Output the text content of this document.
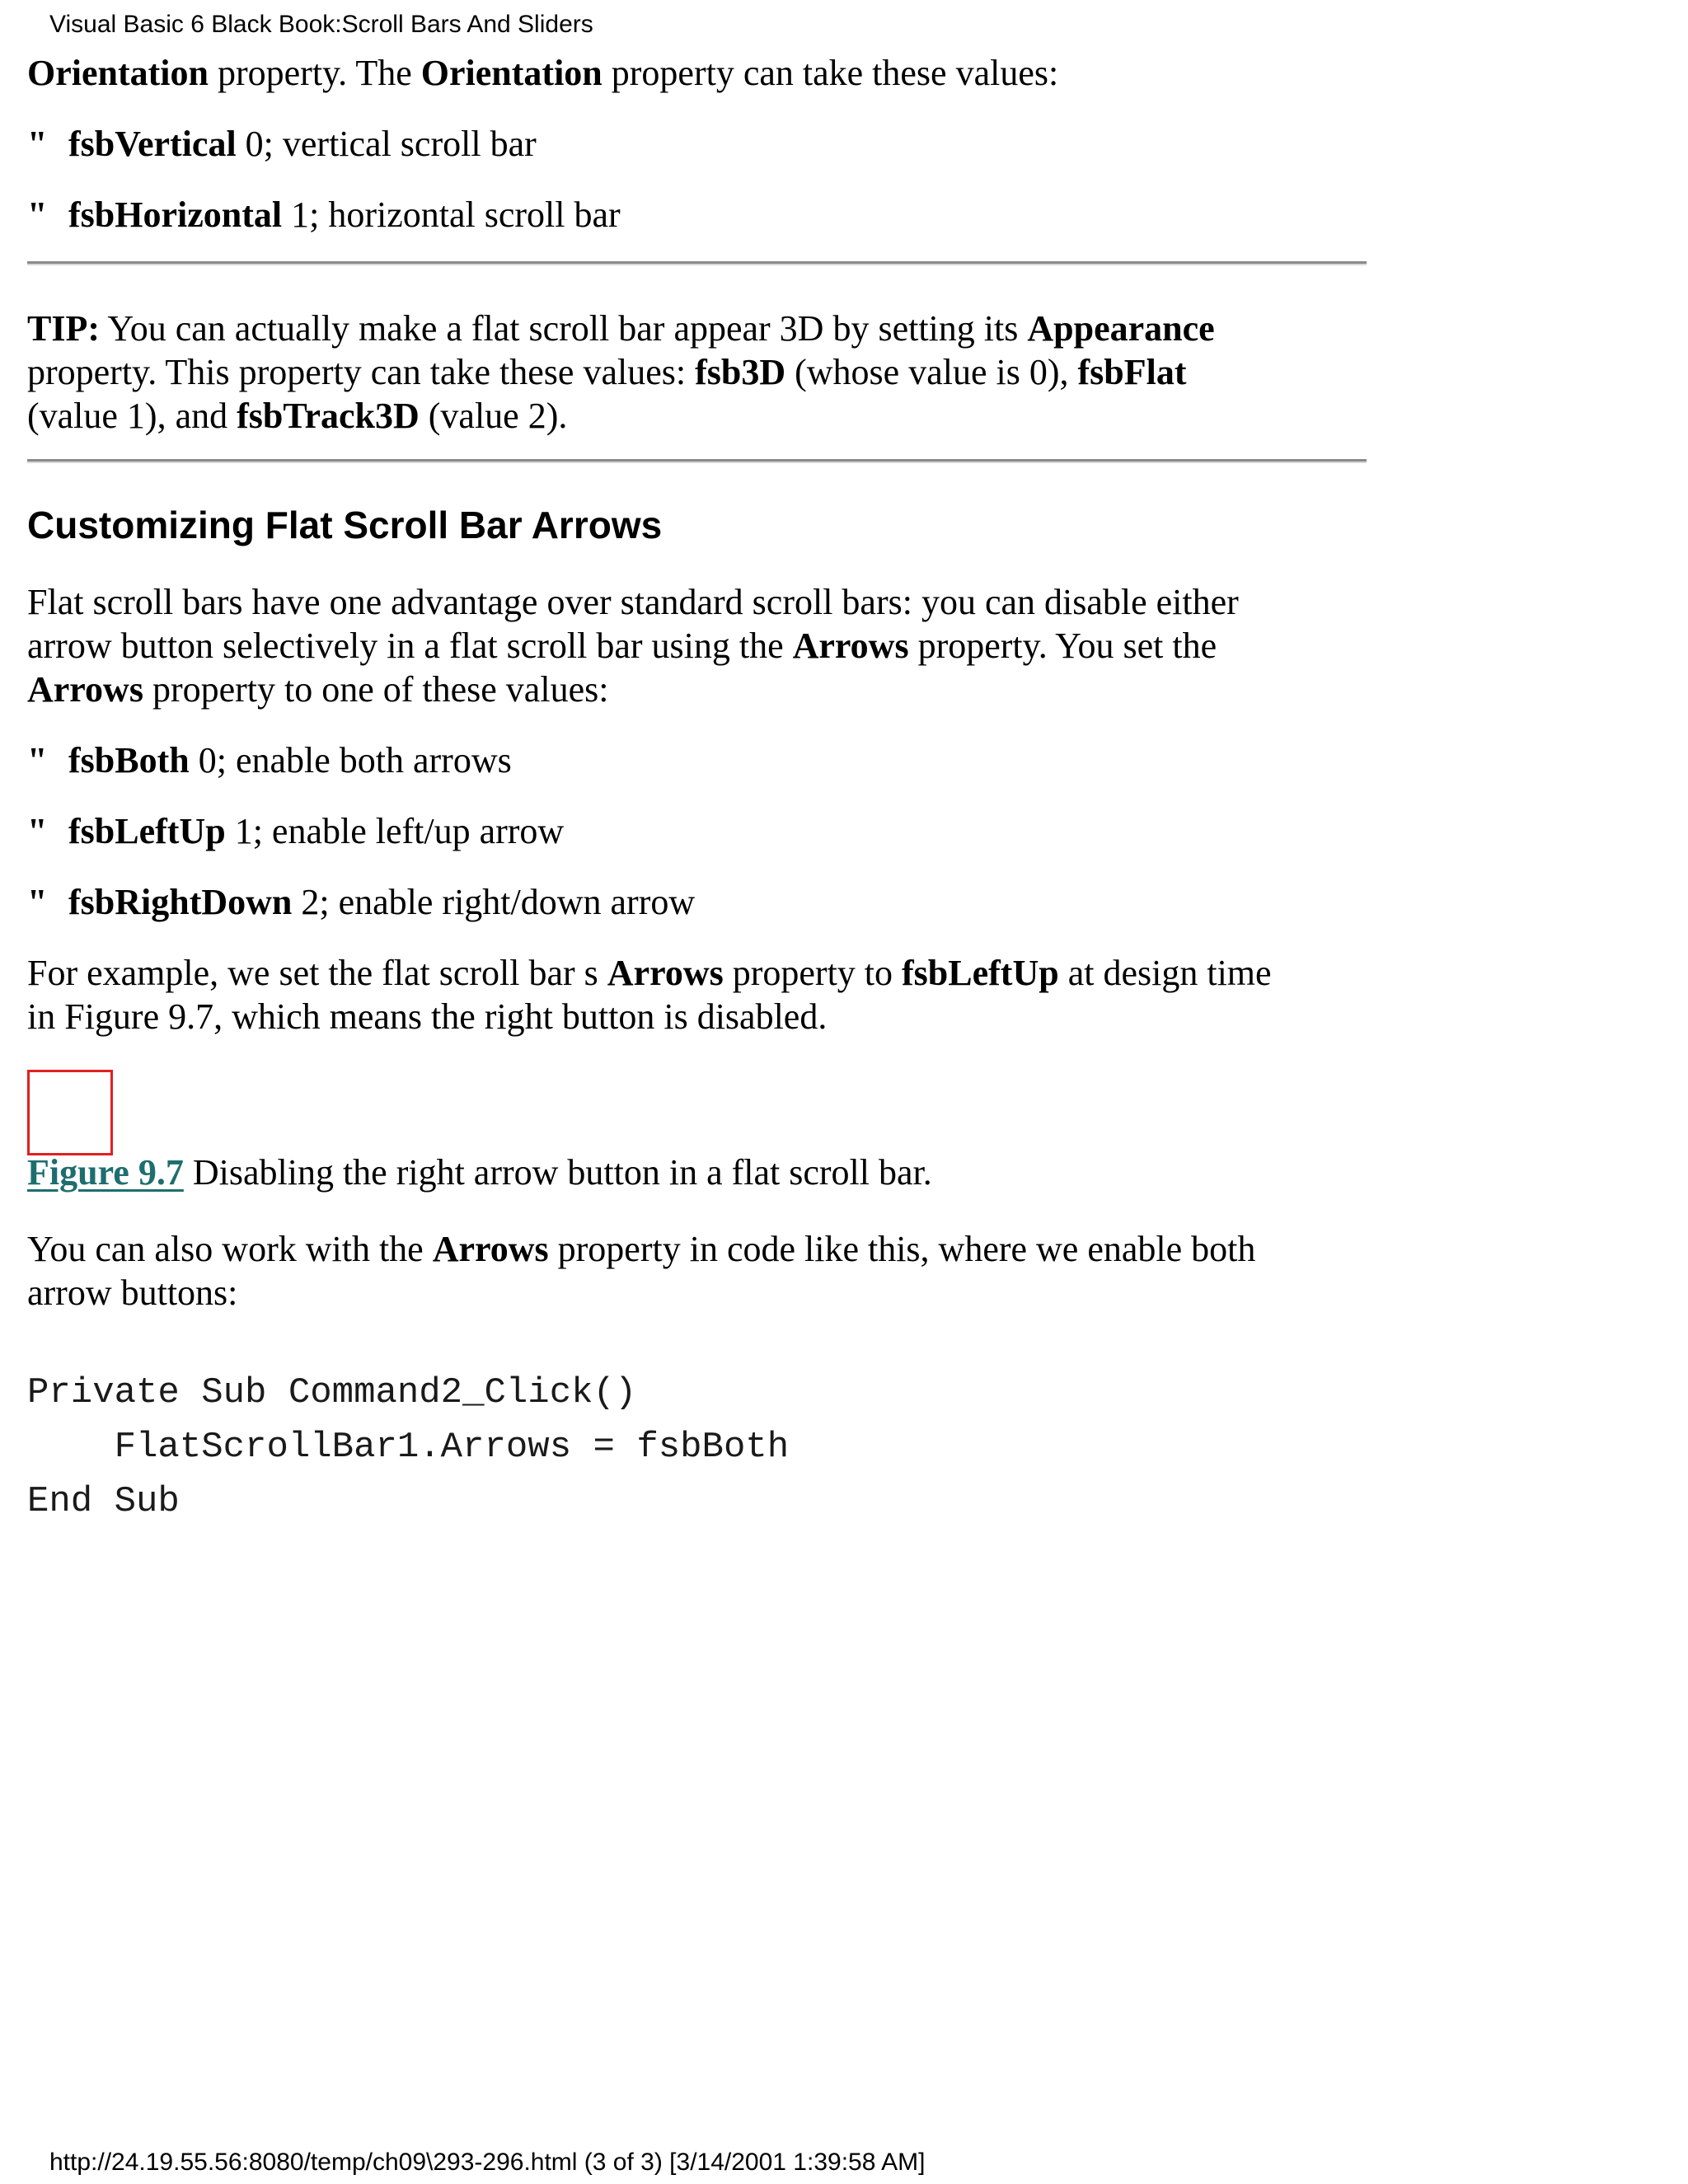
Visual Basic 6 Black Book:Scroll Bars And Sliders

Orientation property. The Orientation property can take these values:

" fsbVertical 0; vertical scroll bar

" fsbHorizontal 1; horizontal scroll bar

TIP: You can actually make a flat scroll bar appear 3D by setting its Appearance

property. This property can take these values: fsb3D (whose value is 0), fsbFlat

(value 1), and fsbTrack3D (value 2).

Customizing Flat Scroll Bar Arrows

Flat scroll bars have one advantage over standard scroll bars: you can disable either

arrow button selectively in a flat scroll bar using the Arrows property. You set the

Arrows property to one of these values:

" fsbBoth 0; enable both arrows

" fsbLeftUp 1; enable left/up arrow

" fsbRightDown 2; enable right/down arrow

For example, we set the flat scroll bar s Arrows property to fsbLeftUp at design time

in Figure 9.7, which means the right button is disabled.

Figure 9.7 Disabling the right arrow button in a flat scroll bar.

You can also work with the Arrows property in code like this, where we enable both

arrow buttons:

Private Sub Command2_Click()
FlatScrollBar1.Arrows = fsbBoth
End Sub
http://24.19.55.56:8080/temp/ch09\293-296.html (3 of 3) [3/14/2001 1:39:58 AM]
